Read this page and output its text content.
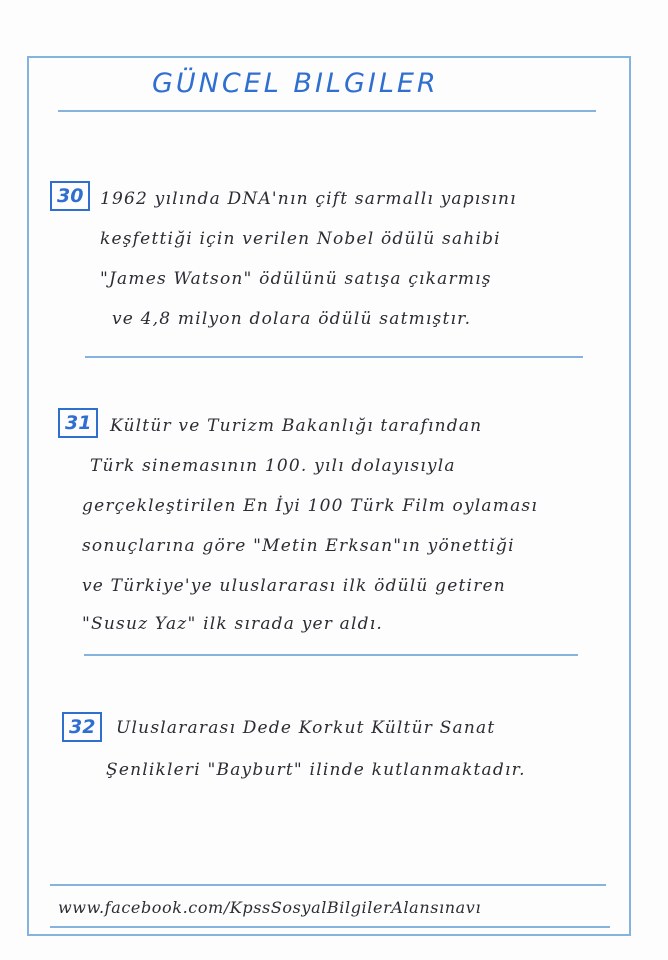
GÜNCEL BILGILER
30 1962 yılında DNA'nın çift sarmallı yapısını
keşfettiği için verilen Nobel ödülü sahibi
"James Watson" ödülünü satışa çıkarmış
ve 4,8 milyon dolara ödülü satmıştır.
31	Kültür ve Turizm Bakanlığı tarafından
Türk sinemasının 100. yılı dolayısıyla
gerçekleştirilen En İyi 100 Türk Film oylaması
sonuçlarına göre "Metin Erksan"ın yönettiği
ve Türkiye'ye uluslararası ilk ödülü getiren
"Susuz Yaz" ilk sırada yer aldı.
32	Uluslararası Dede Korkut Kültür Sanat
Şenlikleri "Bayburt" ilinde kutlanmaktadır.
www.facebook.com/KpssSosyalBilgilerAlansınavı
